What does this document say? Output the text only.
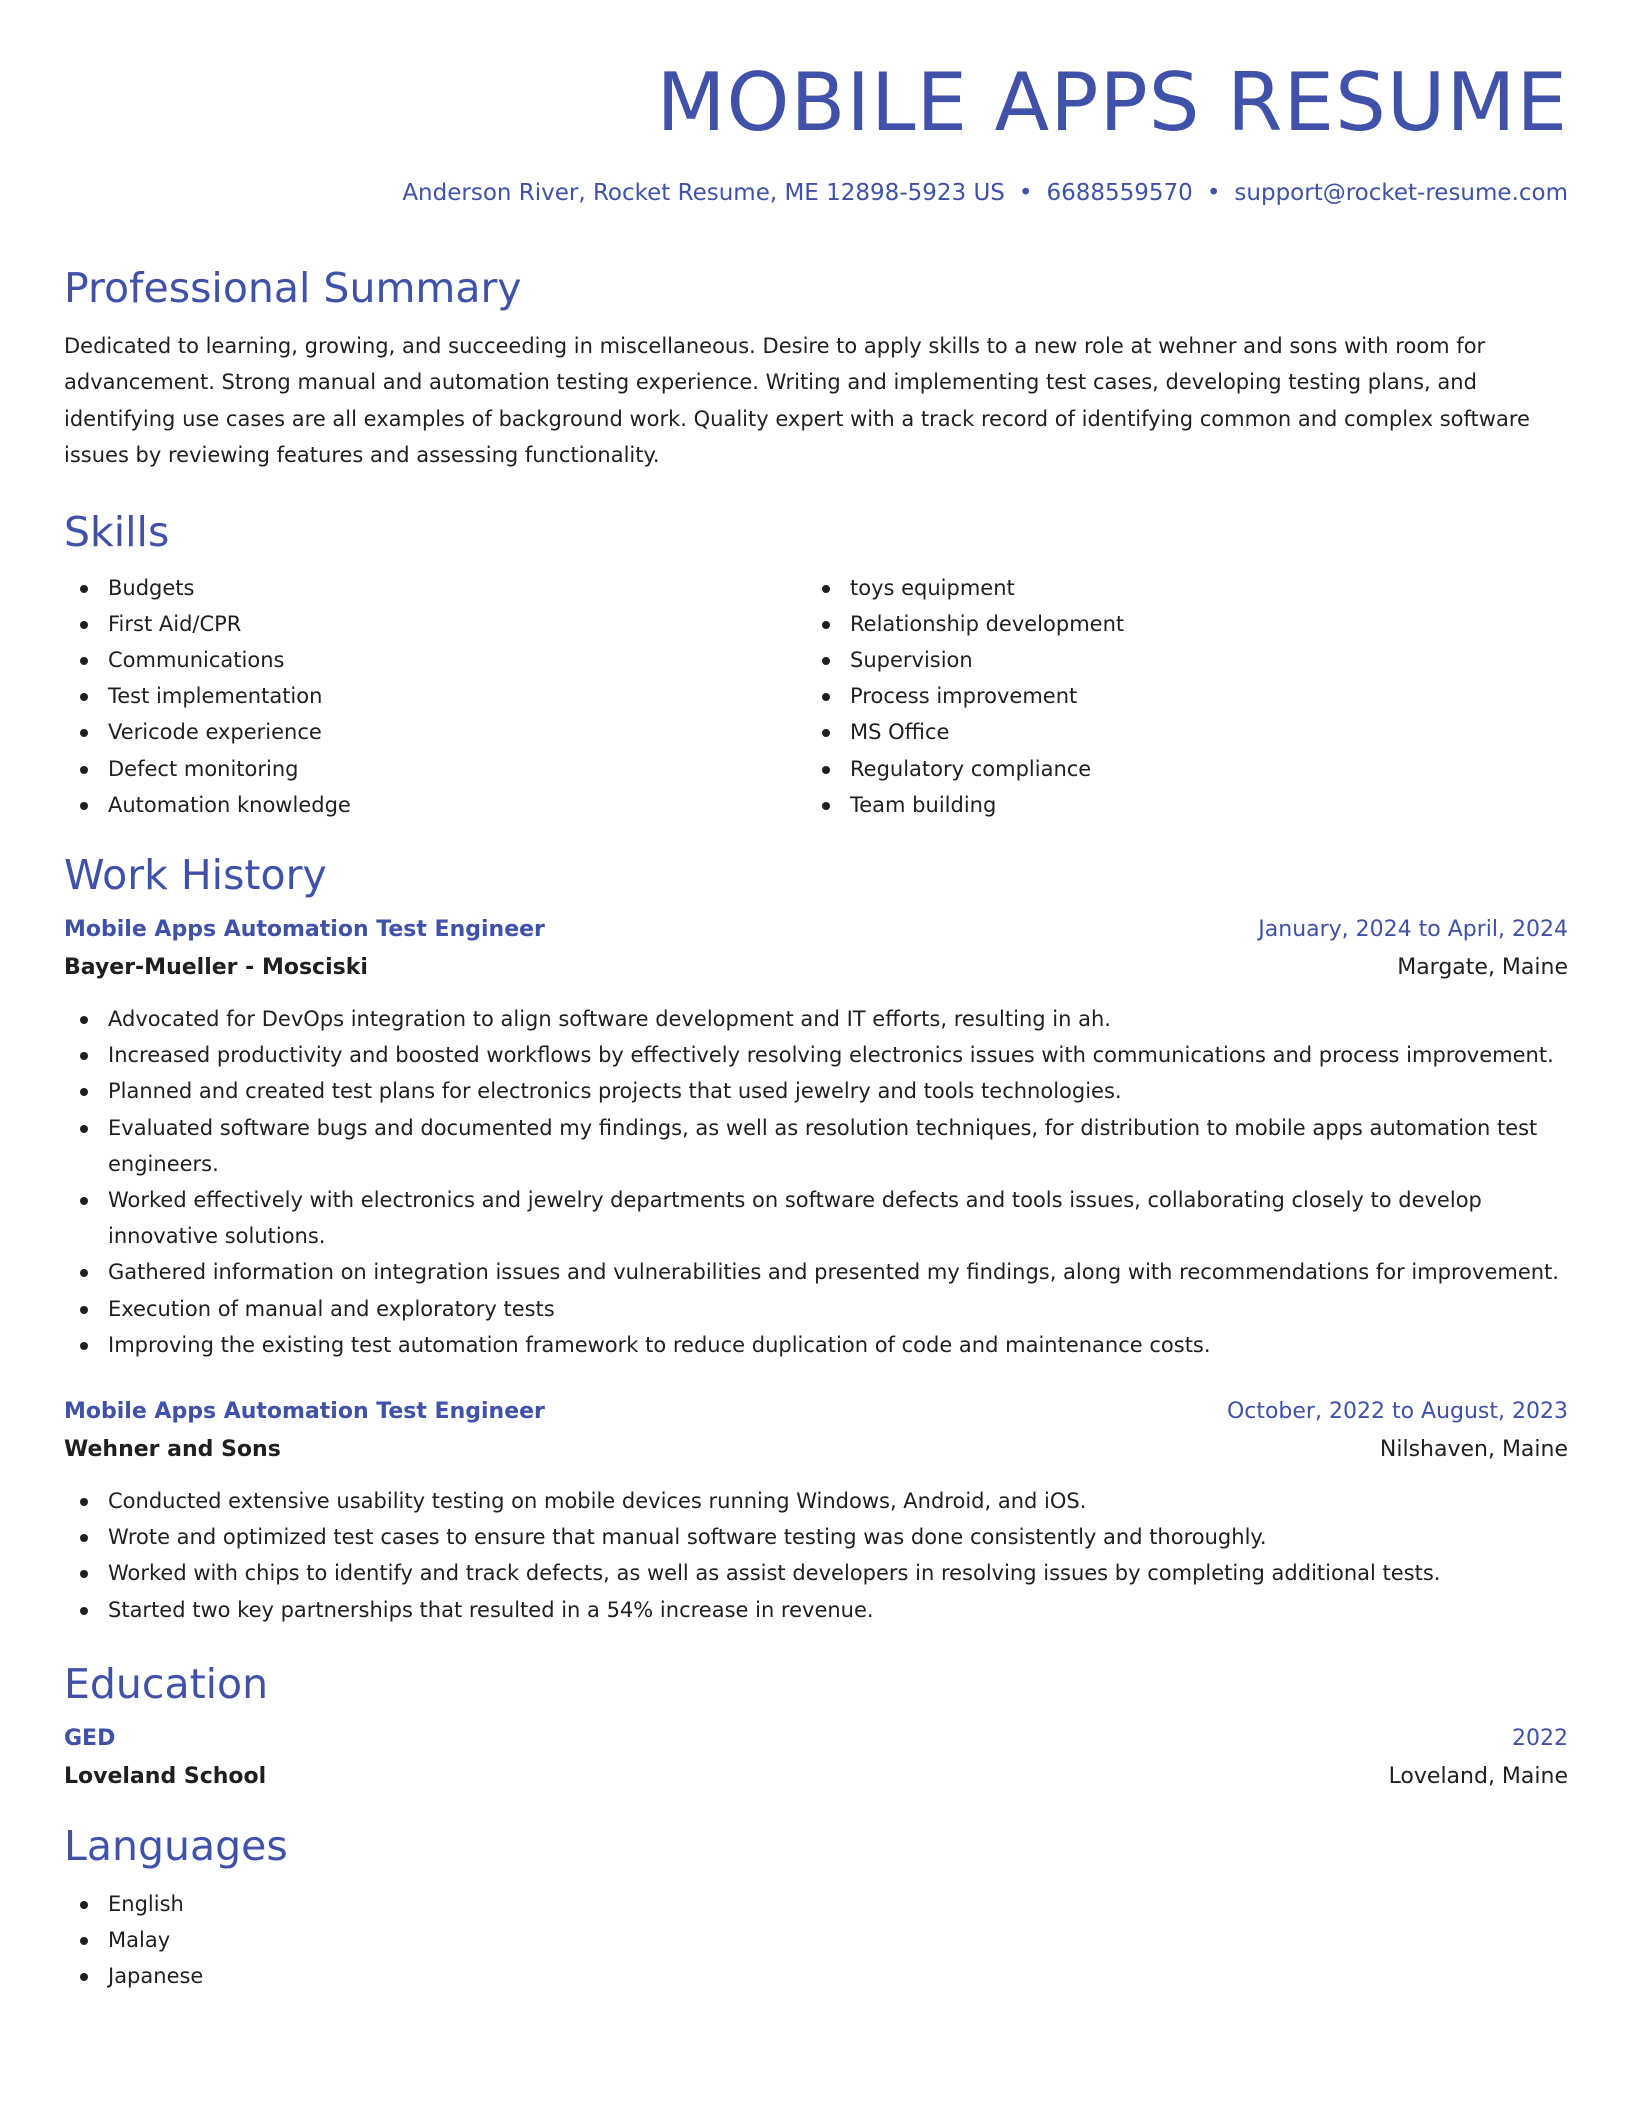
MOBILE APPS RESUME
Anderson River, Rocket Resume, ME 12898-5923 US • 6688559570 • support@rocket-resume.com
Professional Summary

Dedicated to learning, growing, and succeeding in miscellaneous. Desire to apply skills to a new role at wehner and sons with room for advancement. Strong manual and automation testing experience. Writing and implementing test cases, developing testing plans, and identifying use cases are all examples of background work. Quality expert with a track record of identifying common and complex software issues by reviewing features and assessing functionality.

Skills
Budgets
First Aid/CPR
Communications
Test implementation
Vericode experience
Defect monitoring
Automation knowledge
toys equipment
Relationship development
Supervision
Process improvement
MS Office
Regulatory compliance
Team building
Work History
Mobile Apps Automation Test Engineer	January, 2024 to April, 2024
Bayer-Mueller - Mosciski	Margate, Maine
Advocated for DevOps integration to align software development and IT efforts, resulting in ah.
Increased productivity and boosted workflows by effectively resolving electronics issues with communications and process improvement.
Planned and created test plans for electronics projects that used jewelry and tools technologies.
Evaluated software bugs and documented my findings, as well as resolution techniques, for distribution to mobile apps automation test engineers.
Worked effectively with electronics and jewelry departments on software defects and tools issues, collaborating closely to develop innovative solutions.
Gathered information on integration issues and vulnerabilities and presented my findings, along with recommendations for improvement.
Execution of manual and exploratory tests
Improving the existing test automation framework to reduce duplication of code and maintenance costs.
Mobile Apps Automation Test Engineer	October, 2022 to August, 2023
Wehner and Sons	Nilshaven, Maine
Conducted extensive usability testing on mobile devices running Windows, Android, and iOS.
Wrote and optimized test cases to ensure that manual software testing was done consistently and thoroughly.
Worked with chips to identify and track defects, as well as assist developers in resolving issues by completing additional tests.
Started two key partnerships that resulted in a 54% increase in revenue.
Education
GED	2022
Loveland School	Loveland, Maine
Languages
English
Malay
Japanese
